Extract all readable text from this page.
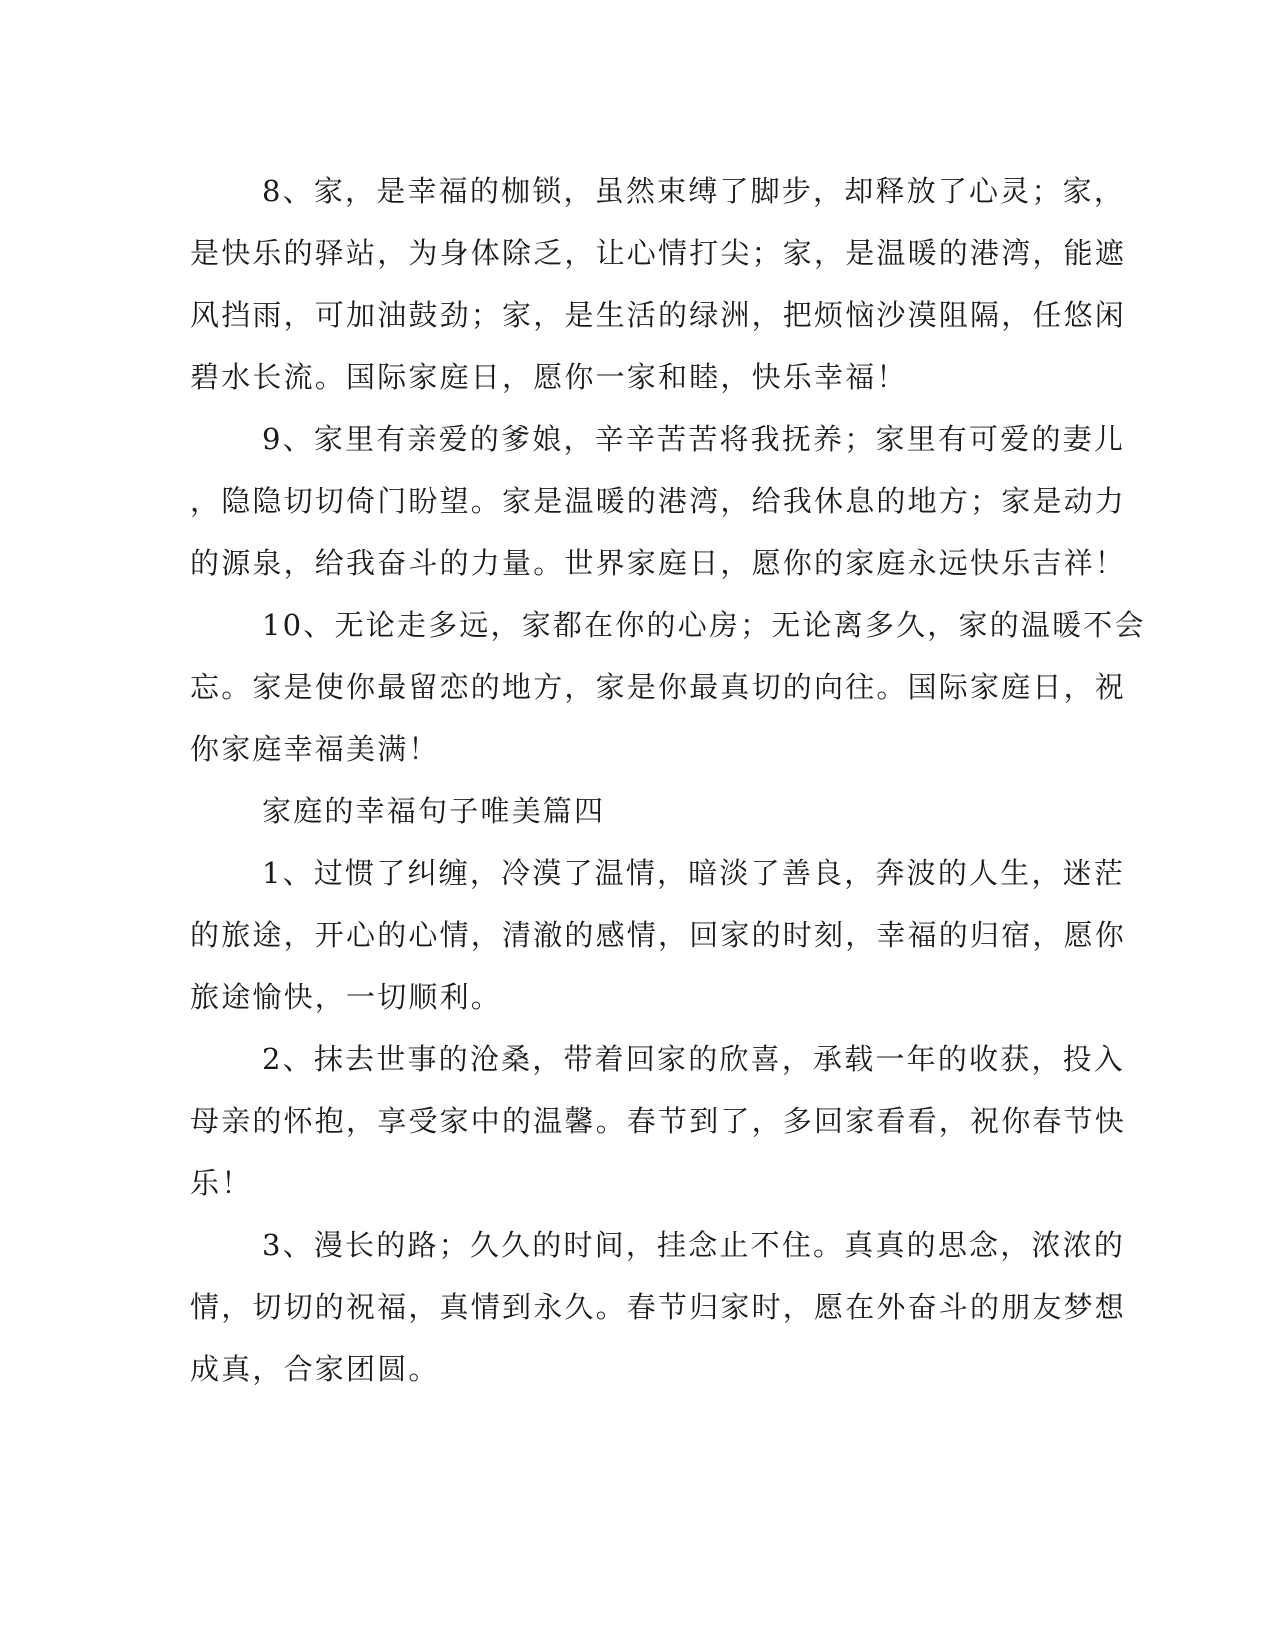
8、家，是幸福的枷锁，虽然束缚了脚步，却释放了心灵；家，
是快乐的驿站，为身体除乏，让心情打尖；家，是温暖的港湾，能遮
风挡雨，可加油鼓劲；家，是生活的绿洲，把烦恼沙漠阻隔，任悠闲
碧水长流。国际家庭日，愿你一家和睦，快乐幸福！
9、家里有亲爱的爹娘，辛辛苦苦将我抚养；家里有可爱的妻儿
，隐隐切切倚门盼望。家是温暖的港湾，给我休息的地方；家是动力
的源泉，给我奋斗的力量。世界家庭日，愿你的家庭永远快乐吉祥！
10、无论走多远，家都在你的心房；无论离多久，家的温暖不会
忘。家是使你最留恋的地方，家是你最真切的向往。国际家庭日，祝
你家庭幸福美满！
家庭的幸福句子唯美篇四
1、过惯了纠缠，冷漠了温情，暗淡了善良，奔波的人生，迷茫
的旅途，开心的心情，清澈的感情，回家的时刻，幸福的归宿，愿你
旅途愉快，一切顺利。
2、抹去世事的沧桑，带着回家的欣喜，承载一年的收获，投入
母亲的怀抱，享受家中的温馨。春节到了，多回家看看，祝你春节快
乐！
3、漫长的路；久久的时间，挂念止不住。真真的思念，浓浓的
情，切切的祝福，真情到永久。春节归家时，愿在外奋斗的朋友梦想
成真，合家团圆。
